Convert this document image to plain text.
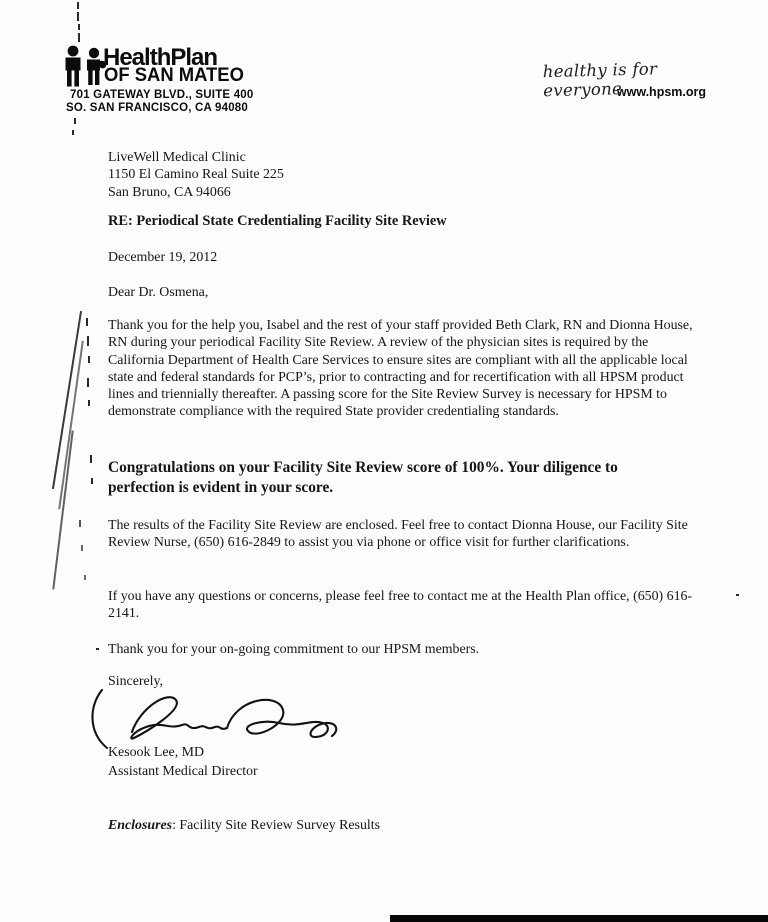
HealthPlan
OF SAN MATEO
701 GATEWAY BLVD., SUITE 400
SO. SAN FRANCISCO, CA 94080
healthy is for everyone
www.hpsm.org
LiveWell Medical Clinic
1150 El Camino Real Suite 225
San Bruno, CA 94066
RE: Periodical State Credentialing Facility Site Review
December 19, 2012
Dear Dr. Osmena,
Thank you for the help you, Isabel and the rest of your staff provided Beth Clark, RN and Dionna House, RN during your periodical Facility Site Review. A review of the physician sites is required by the California Department of Health Care Services to ensure sites are compliant with all the applicable local state and federal standards for PCP’s, prior to contracting and for recertification with all HPSM product lines and triennially thereafter. A passing score for the Site Review Survey is necessary for HPSM to demonstrate compliance with the required State provider credentialing standards.
Congratulations on your Facility Site Review score of 100%. Your diligence to perfection is evident in your score.
The results of the Facility Site Review are enclosed. Feel free to contact Dionna House, our Facility Site Review Nurse, (650) 616-2849 to assist you via phone or office visit for further clarifications.
If you have any questions or concerns, please feel free to contact me at the Health Plan office, (650) 616-2141.
Thank you for your on-going commitment to our HPSM members.
Sincerely,
Kesook Lee, MD
Assistant Medical Director
Enclosures: Facility Site Review Survey Results
